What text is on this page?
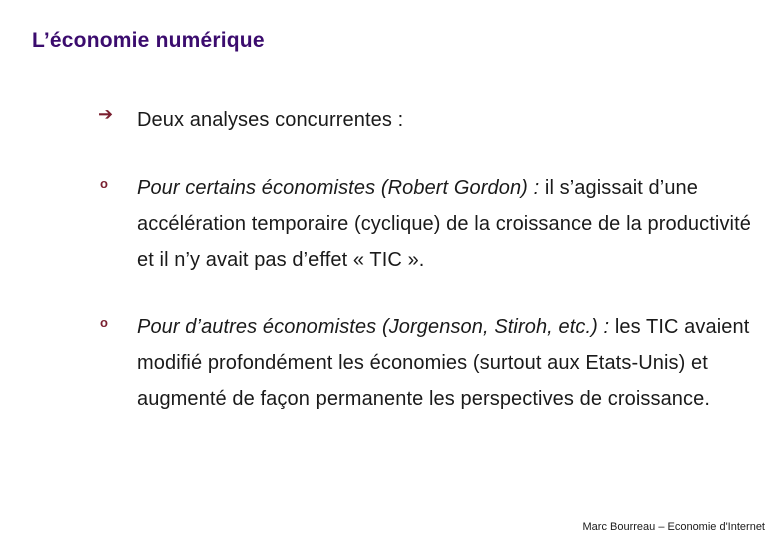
L’économie numérique
➔ Deux analyses concurrentes :
o Pour certains économistes (Robert Gordon) : il s’agissait d’une accélération temporaire (cyclique) de la croissance de la productivité et il n’y avait pas d’effet « TIC ».
o Pour d’autres économistes (Jorgenson, Stiroh, etc.) : les TIC avaient modifié profondément les économies (surtout aux Etats-Unis) et augmenté de façon permanente les perspectives de croissance.
Marc Bourreau – Economie d'Internet
